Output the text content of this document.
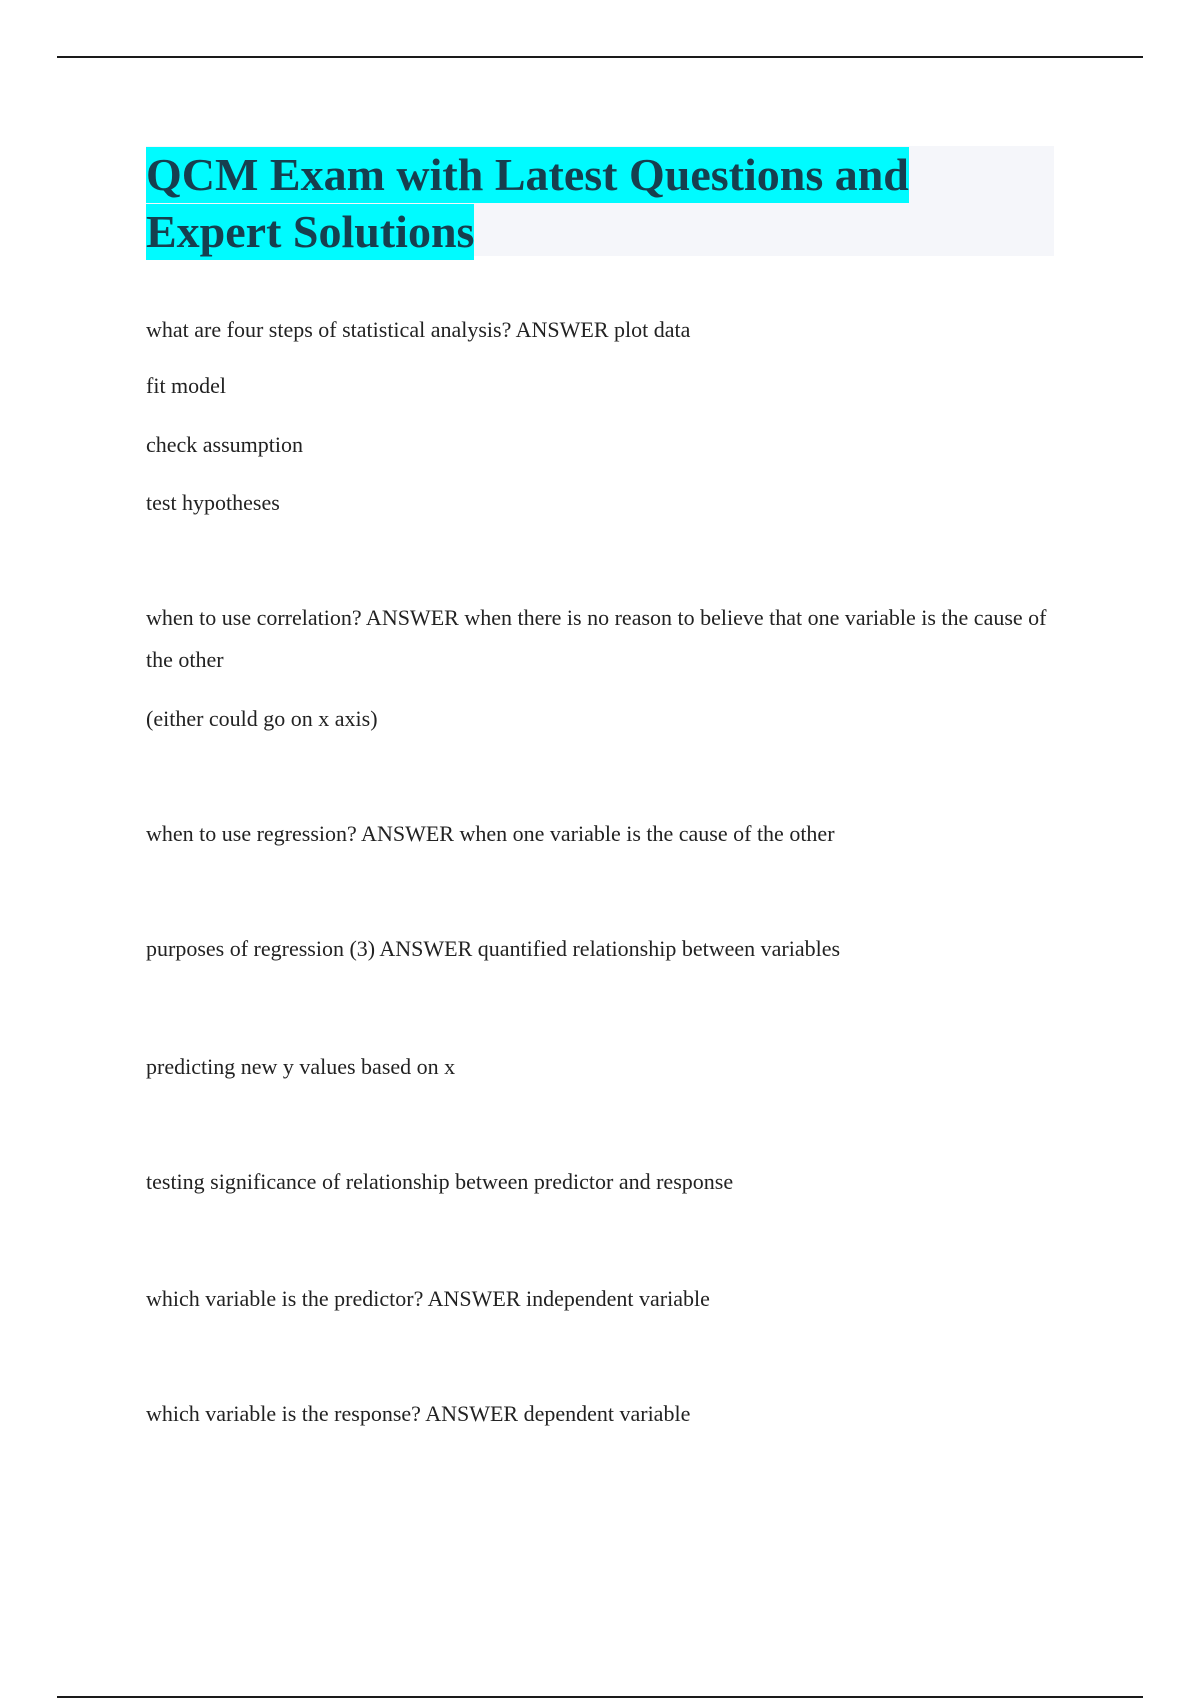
QCM Exam with Latest Questions and Expert Solutions

what are four steps of statistical analysis? ANSWER plot data

fit model

check assumption

test hypotheses

when to use correlation? ANSWER when there is no reason to believe that one variable is the cause of the other

(either could go on x axis)

when to use regression? ANSWER when one variable is the cause of the other

purposes of regression (3) ANSWER quantified relationship between variables

predicting new y values based on x

testing significance of relationship between predictor and response

which variable is the predictor? ANSWER independent variable

which variable is the response? ANSWER dependent variable
